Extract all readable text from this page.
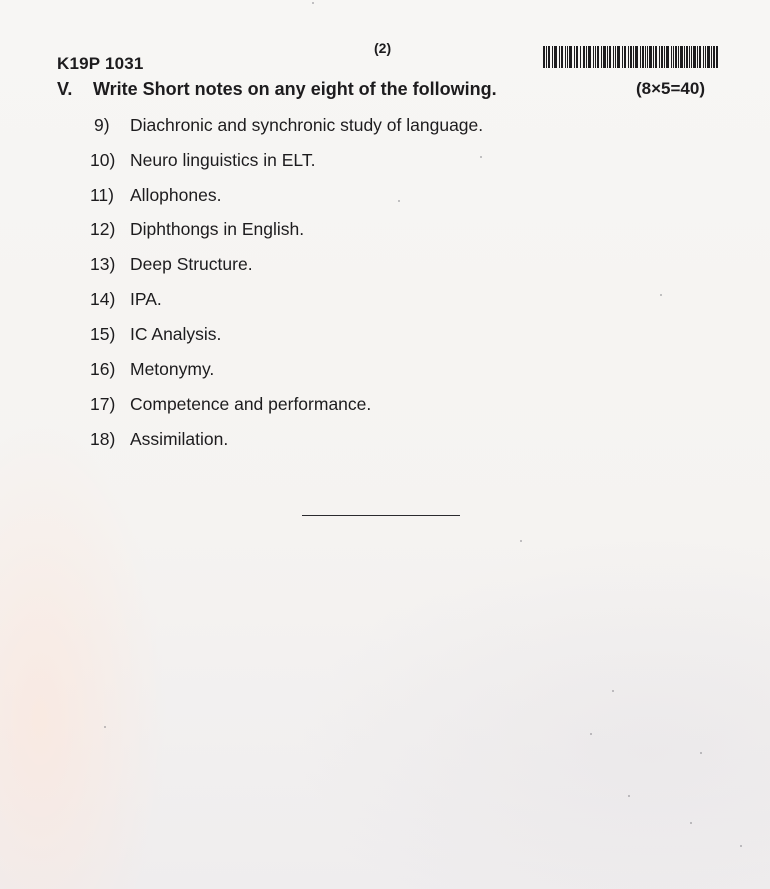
K19P 1031
(2)
V. Write Short notes on any eight of the following.	(8×5=40)
9) Diachronic and synchronic study of language.
10) Neuro linguistics in ELT.
11) Allophones.
12) Diphthongs in English.
13) Deep Structure.
14) IPA.
15) IC Analysis.
16) Metonymy.
17) Competence and performance.
18) Assimilation.
